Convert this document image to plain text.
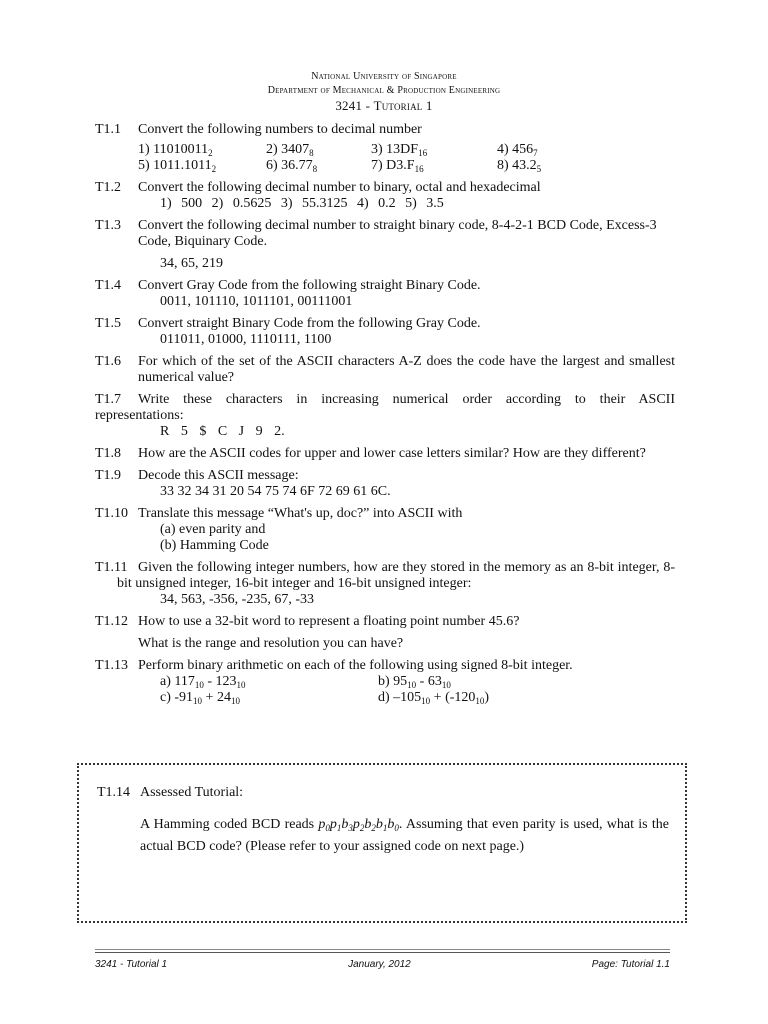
National University of Singapore
Department of Mechanical & Production Engineering
3241 - Tutorial 1
T1.1	Convert the following numbers to decimal number
1) $11010011_2$	2) $3407_8$	3) $13DF_{16}$	4) $456_7$
5) $1011.1011_2$	6) $36.77_8$	7) $D3.F_{16}$	8) $43.2_5$
T1.2	Convert the following decimal number to binary, octal and hexadecimal
1) 500 2) 0.5625 3) 55.3125 4) 0.2 5) 3.5
T1.3	Convert the following decimal number to straight binary code, 8-4-2-1 BCD Code, Excess-3 Code, Biquinary Code.
34, 65, 219
T1.4	Convert Gray Code from the following straight Binary Code.
0011, 101110, 1011101, 00111001
T1.5	Convert straight Binary Code from the following Gray Code.
011011, 01000, 1110111, 1100
T1.6	For which of the set of the ASCII characters A-Z does the code have the largest and smallest numerical value?
T1.7 Write these characters in increasing numerical order according to their ASCII representations:
R 5 $ C J 9 2.
T1.8	How are the ASCII codes for upper and lower case letters similar? How are they different?
T1.9	Decode this ASCII message:
33 32 34 31 20 54 75 74 6F 72 69 61 6C.
T1.10 Translate this message “What's up, doc?” into ASCII with
(a) even parity and
(b) Hamming Code
T1.11 Given the following integer numbers, how are they stored in the memory as an 8-bit integer, 8-bit unsigned integer, 16-bit integer and 16-bit unsigned integer:
34, 563, -356, -235, 67, -33
T1.12 How to use a 32-bit word to represent a floating point number 45.6?
What is the range and resolution you can have?
T1.13 Perform binary arithmetic on each of the following using signed 8-bit integer.
a) $117_{10} - 123_{10}$	b) $95_{10} - 63_{10}$
c) $-91_{10} + 24_{10}$	d) $-105_{10} + (-120_{10})$
T1.14 Assessed Tutorial:
A Hamming coded BCD reads $p_0p_1b_3p_2b_2b_1b_0$. Assuming that even parity is used, what is the actual BCD code? (Please refer to your assigned code on next page.)
3241 - Tutorial 1	January, 2012	Page: Tutorial 1.1
